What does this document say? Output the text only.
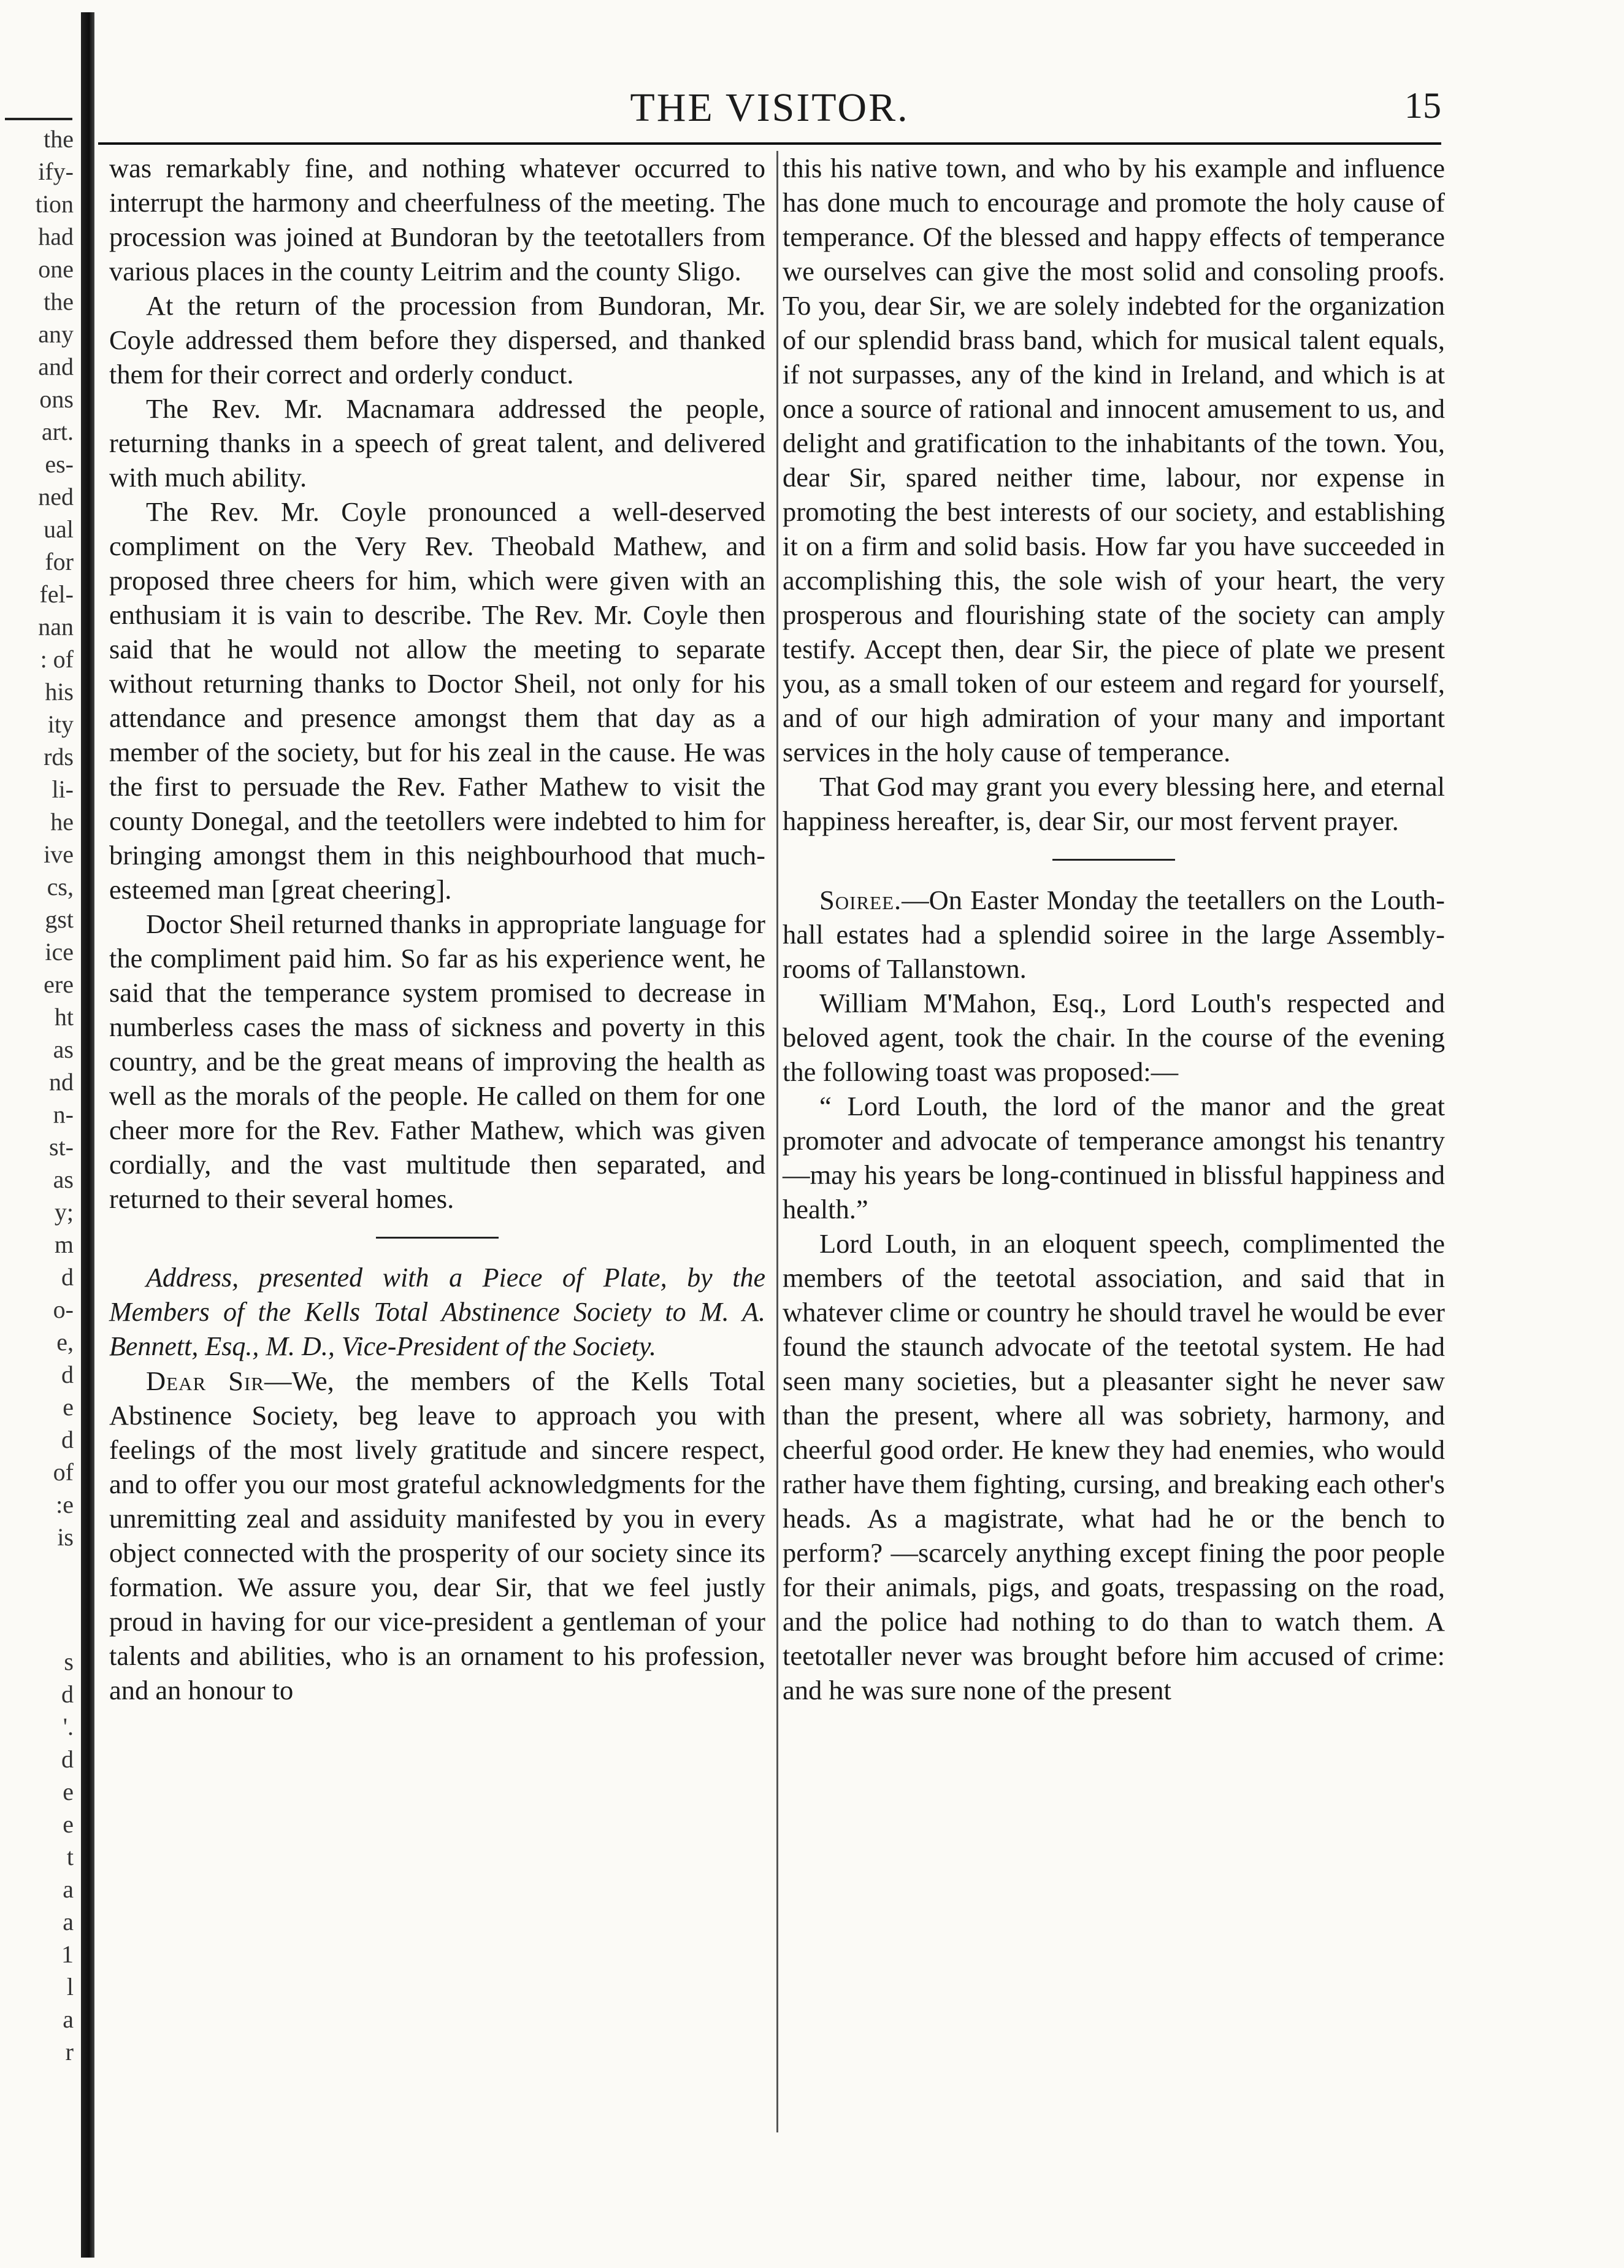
the
ify-
tion
had
one
the
any
and
ons
art.
es-
ned
ual
for
fel-
nan
: of
his
ity
rds
li-
he
ive
cs,
gst
ice
ere
ht
as
nd
n-
st-
as
y;
m
d
o-
e,
d
e
d
of
:e
is
s
d
'.
d
e
e
t
a
a
1
l
a
r
THE VISITOR.	15

was remarkably fine, and nothing whatever occurred to interrupt the harmony and cheerfulness of the meeting. The procession was joined at Bundoran by the teetotallers from various places in the county Leitrim and the county Sligo.

At the return of the procession from Bundoran, Mr. Coyle addressed them before they dispersed, and thanked them for their correct and orderly conduct.

The Rev. Mr. Macnamara addressed the people, returning thanks in a speech of great talent, and delivered with much ability.

The Rev. Mr. Coyle pronounced a well-deserved compliment on the Very Rev. Theobald Mathew, and proposed three cheers for him, which were given with an enthusiam it is vain to describe. The Rev. Mr. Coyle then said that he would not allow the meeting to separate without returning thanks to Doctor Sheil, not only for his attendance and presence amongst them that day as a member of the society, but for his zeal in the cause. He was the first to persuade the Rev. Father Mathew to visit the county Donegal, and the teetollers were indebted to him for bringing amongst them in this neighbourhood that much-esteemed man [great cheering].

Doctor Sheil returned thanks in appropriate language for the compliment paid him. So far as his experience went, he said that the temperance system promised to decrease in numberless cases the mass of sickness and poverty in this country, and be the great means of improving the health as well as the morals of the people. He called on them for one cheer more for the Rev. Father Mathew, which was given cordially, and the vast multitude then separated, and returned to their several homes.

Address, presented with a Piece of Plate, by the Members of the Kells Total Abstinence Society to M. A. Bennett, Esq., M. D., Vice-President of the Society.

Dear Sir—We, the members of the Kells Total Abstinence Society, beg leave to approach you with feelings of the most lively gratitude and sincere respect, and to offer you our most grateful acknowledgments for the unremitting zeal and assiduity manifested by you in every object connected with the prosperity of our society since its formation. We assure you, dear Sir, that we feel justly proud in having for our vice-president a gentleman of your talents and abilities, who is an ornament to his profession, and an honour to

this his native town, and who by his example and influence has done much to encourage and promote the holy cause of temperance. Of the blessed and happy effects of temperance we ourselves can give the most solid and consoling proofs. To you, dear Sir, we are solely indebted for the organization of our splendid brass band, which for musical talent equals, if not surpasses, any of the kind in Ireland, and which is at once a source of rational and innocent amusement to us, and delight and gratification to the inhabitants of the town. You, dear Sir, spared neither time, labour, nor expense in promoting the best interests of our society, and establishing it on a firm and solid basis. How far you have succeeded in accomplishing this, the sole wish of your heart, the very prosperous and flourishing state of the society can amply testify. Accept then, dear Sir, the piece of plate we present you, as a small token of our esteem and regard for yourself, and of our high admiration of your many and important services in the holy cause of temperance.

That God may grant you every blessing here, and eternal happiness hereafter, is, dear Sir, our most fervent prayer.

Soiree.—On Easter Monday the teetallers on the Louth-hall estates had a splendid soiree in the large Assembly-rooms of Tallanstown.

William M'Mahon, Esq., Lord Louth's respected and beloved agent, took the chair. In the course of the evening the following toast was proposed:—

“ Lord Louth, the lord of the manor and the great promoter and advocate of temperance amongst his tenantry—may his years be long-continued in blissful happiness and health.”

Lord Louth, in an eloquent speech, complimented the members of the teetotal association, and said that in whatever clime or country he should travel he would be ever found the staunch advocate of the teetotal system. He had seen many societies, but a pleasanter sight he never saw than the present, where all was sobriety, harmony, and cheerful good order. He knew they had enemies, who would rather have them fighting, cursing, and breaking each other's heads. As a magistrate, what had he or the bench to perform? —scarcely anything except fining the poor people for their animals, pigs, and goats, trespassing on the road, and the police had nothing to do than to watch them. A teetotaller never was brought before him accused of crime: and he was sure none of the present
